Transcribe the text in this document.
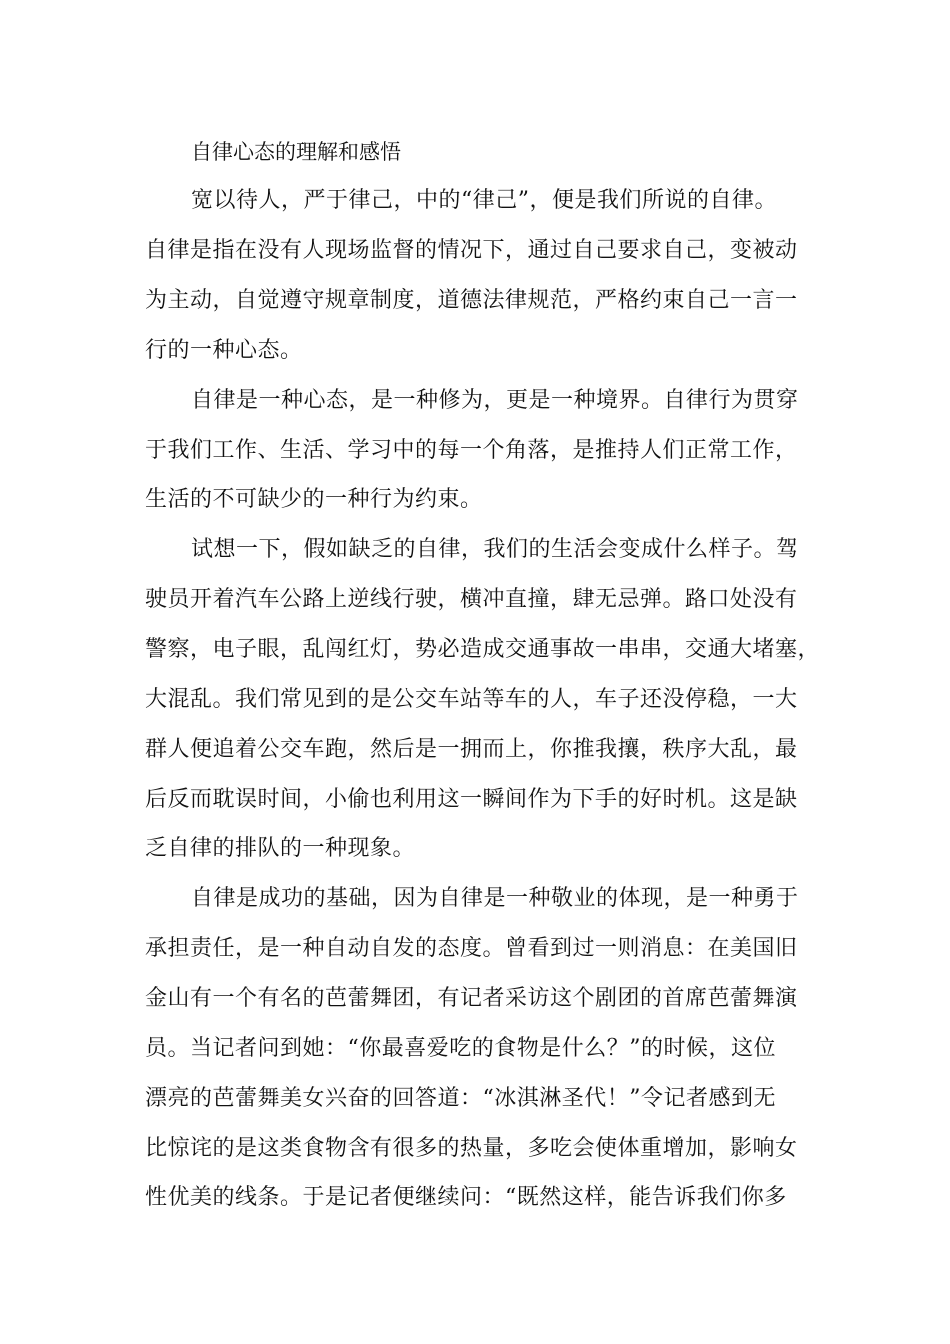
自律心态的理解和感悟
宽以待人，严于律己，中的“律己”，便是我们所说的自律。
自律是指在没有人现场监督的情况下，通过自己要求自己，变被动
为主动，自觉遵守规章制度，道德法律规范，严格约束自己一言一
行的一种心态。
自律是一种心态，是一种修为，更是一种境界。自律行为贯穿
于我们工作、生活、学习中的每一个角落，是推持人们正常工作，
生活的不可缺少的一种行为约束。
试想一下，假如缺乏的自律，我们的生活会变成什么样子。驾
驶员开着汽车公路上逆线行驶，横冲直撞，肆无忌弹。路口处没有
警察，电子眼，乱闯红灯，势必造成交通事故一串串，交通大堵塞，
大混乱。我们常见到的是公交车站等车的人，车子还没停稳，一大
群人便追着公交车跑，然后是一拥而上，你推我攘，秩序大乱，最
后反而耽误时间，小偷也利用这一瞬间作为下手的好时机。这是缺
乏自律的排队的一种现象。
自律是成功的基础，因为自律是一种敬业的体现，是一种勇于
承担责任，是一种自动自发的态度。曾看到过一则消息：在美国旧
金山有一个有名的芭蕾舞团，有记者采访这个剧团的首席芭蕾舞演
员。当记者问到她：“你最喜爱吃的食物是什么？”的时候，这位
漂亮的芭蕾舞美女兴奋的回答道：“冰淇淋圣代！”令记者感到无
比惊诧的是这类食物含有很多的热量，多吃会使体重增加，影响女
性优美的线条。于是记者便继续问：“既然这样，能告诉我们你多
